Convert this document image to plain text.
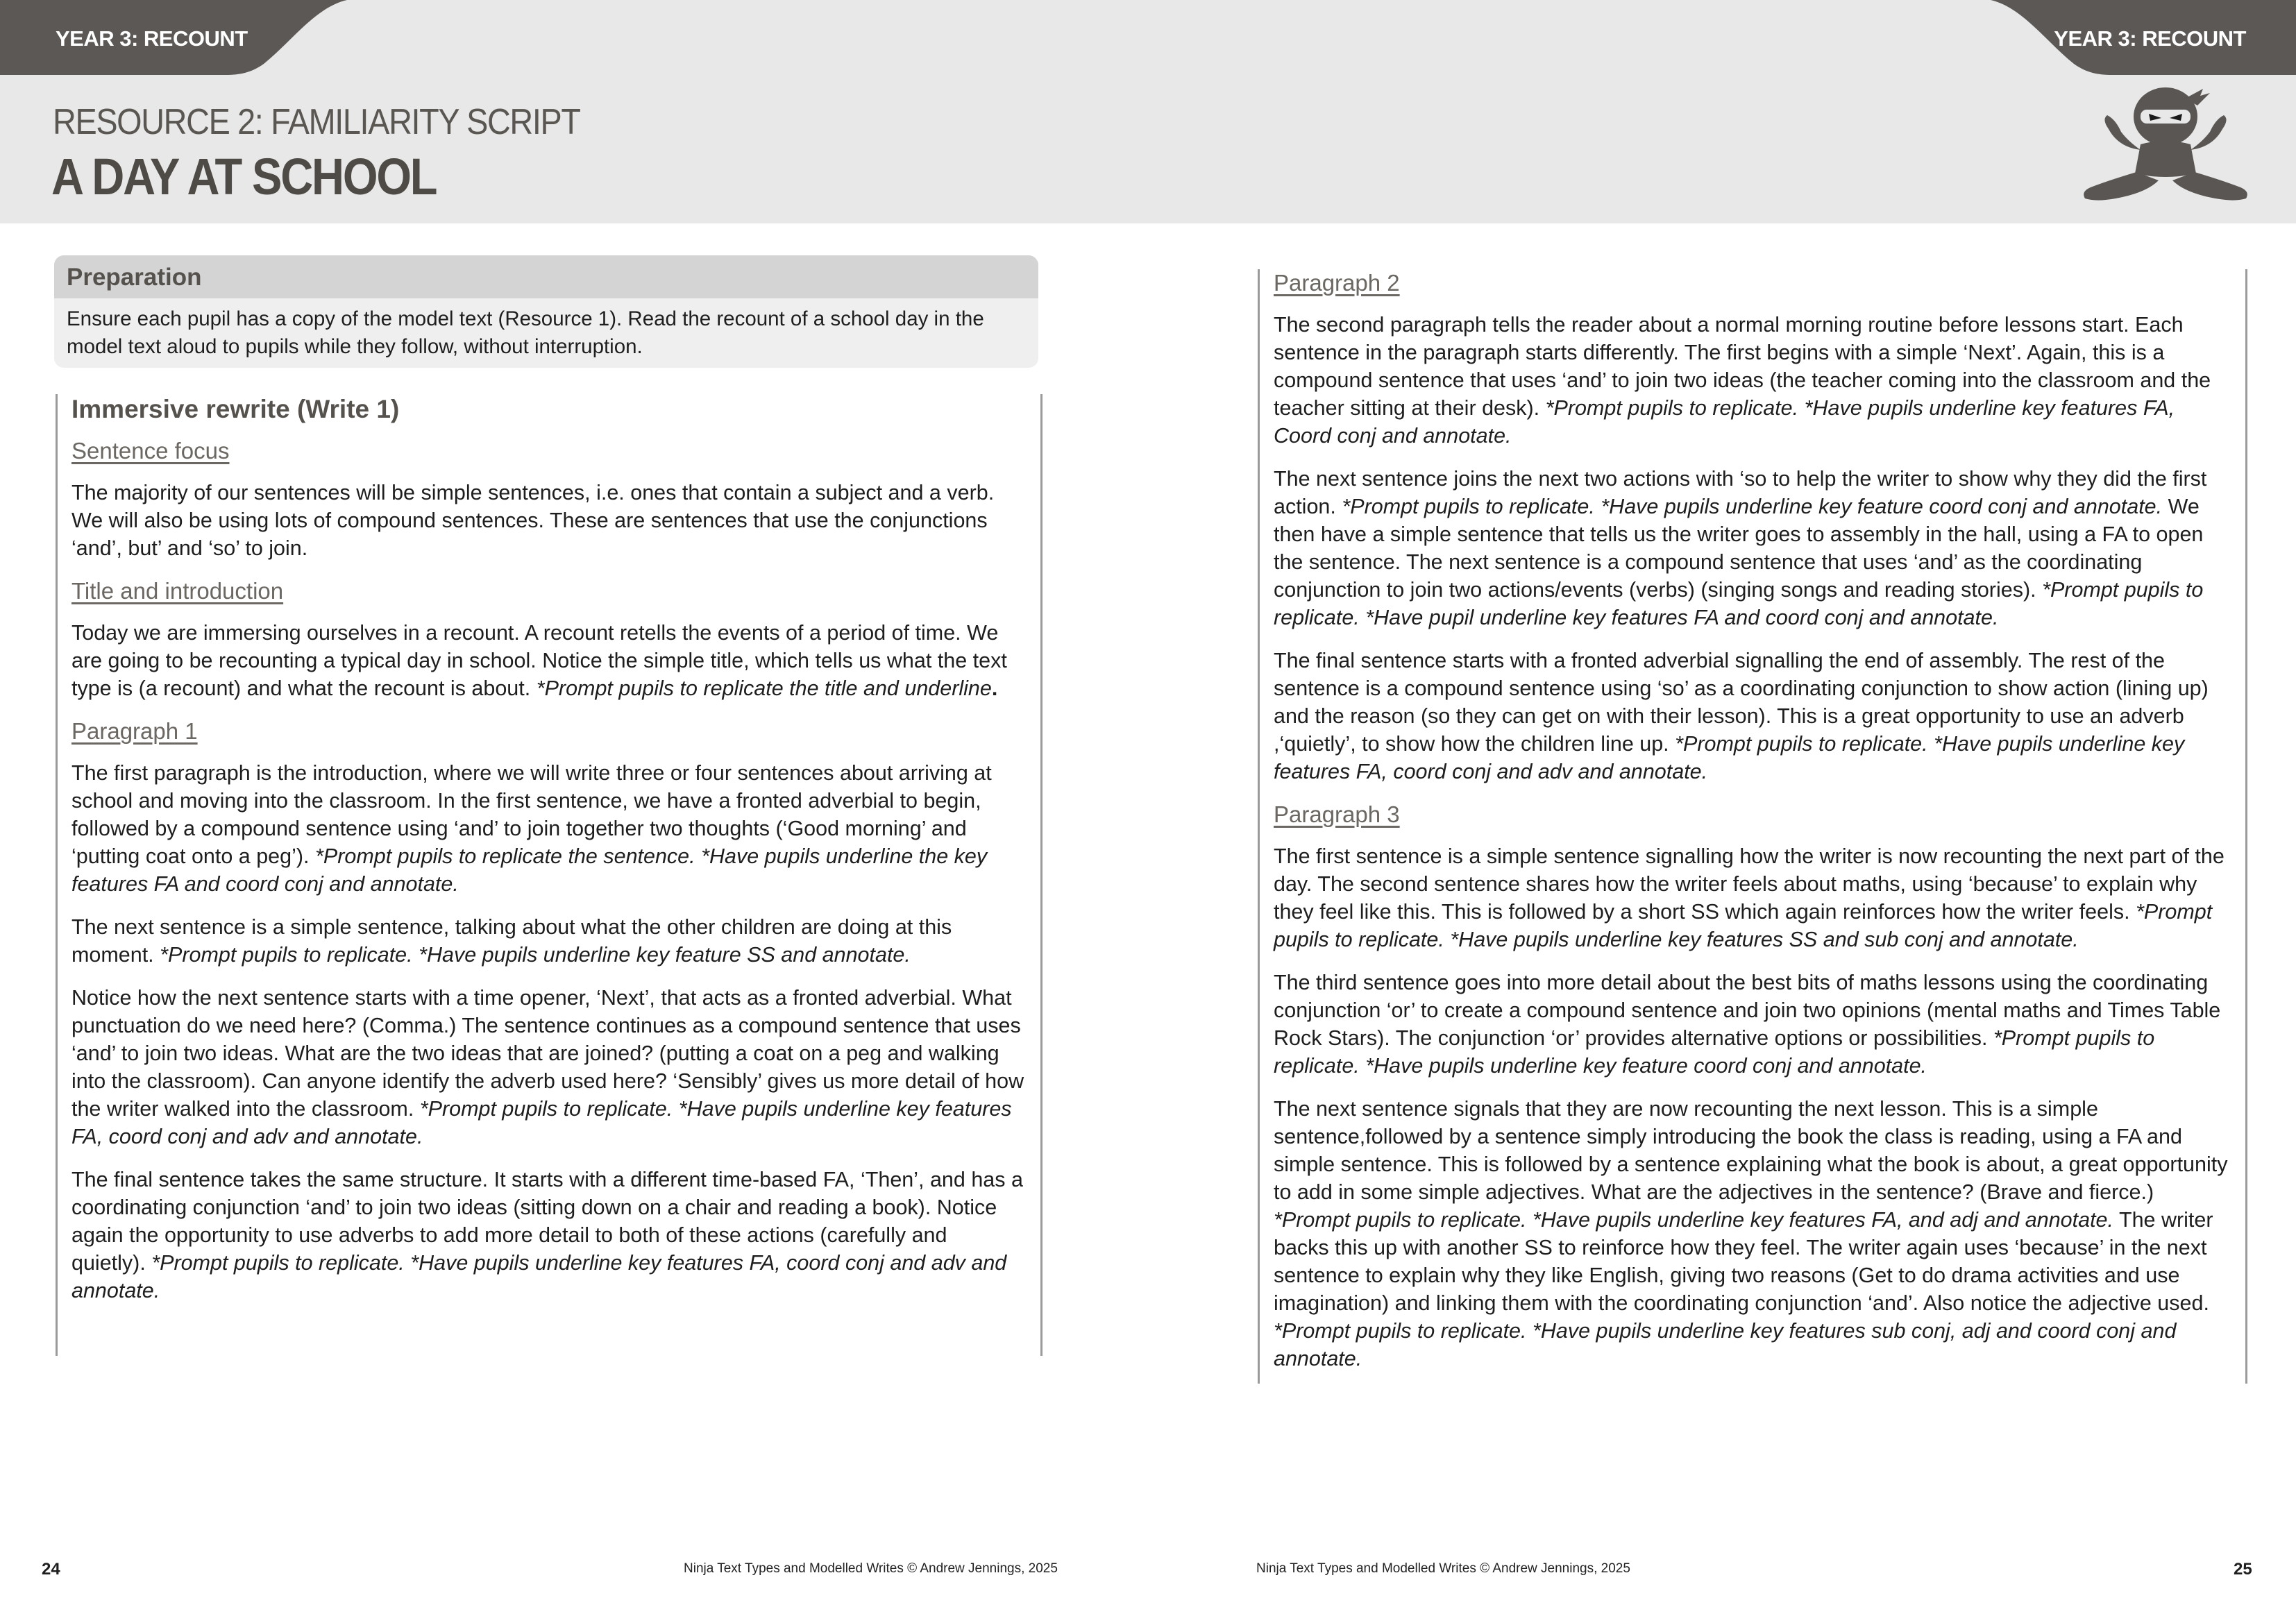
YEAR 3: RECOUNT	YEAR 3: RECOUNT
RESOURCE 2: FAMILIARITY SCRIPT
A DAY AT SCHOOL
Preparation
Ensure each pupil has a copy of the model text (Resource 1). Read the recount of a school day in the model text aloud to pupils while they follow, without interruption.
Immersive rewrite (Write 1)
Sentence focus

The majority of our sentences will be simple sentences, i.e. ones that contain a subject and a verb. We will also be using lots of compound sentences. These are sentences that use the conjunctions ‘and’, but’ and ‘so’ to join.

Title and introduction

Today we are immersing ourselves in a recount. A recount retells the events of a period of time. We are going to be recounting a typical day in school. Notice the simple title, which tells us what the text type is (a recount) and what the recount is about. *Prompt pupils to replicate the title and underline.

Paragraph 1

The first paragraph is the introduction, where we will write three or four sentences about arriving at school and moving into the classroom. In the first sentence, we have a fronted adverbial to begin, followed by a compound sentence using ‘and’ to join together two thoughts (‘Good morning’ and ‘putting coat onto a peg’). *Prompt pupils to replicate the sentence. *Have pupils underline the key features FA and coord conj and annotate.

The next sentence is a simple sentence, talking about what the other children are doing at this moment. *Prompt pupils to replicate. *Have pupils underline key feature SS and annotate.

Notice how the next sentence starts with a time opener, ‘Next’, that acts as a fronted adverbial. What punctuation do we need here? (Comma.) The sentence continues as a compound sentence that uses ‘and’ to join two ideas. What are the two ideas that are joined? (putting a coat on a peg and walking into the classroom). Can anyone identify the adverb used here? ‘Sensibly’ gives us more detail of how the writer walked into the classroom. *Prompt pupils to replicate. *Have pupils underline key features FA, coord conj and adv and annotate.

The final sentence takes the same structure. It starts with a different time-based FA, ‘Then’, and has a coordinating conjunction ‘and’ to join two ideas (sitting down on a chair and reading a book). Notice again the opportunity to use adverbs to add more detail to both of these actions (carefully and quietly). *Prompt pupils to replicate. *Have pupils underline key features FA, coord conj and adv and annotate.

Paragraph 2

The second paragraph tells the reader about a normal morning routine before lessons start. Each sentence in the paragraph starts differently. The first begins with a simple ‘Next’. Again, this is a compound sentence that uses ‘and’ to join two ideas (the teacher coming into the classroom and the teacher sitting at their desk). *Prompt pupils to replicate. *Have pupils underline key features FA, Coord conj and annotate.

The next sentence joins the next two actions with ‘so to help the writer to show why they did the first action. *Prompt pupils to replicate. *Have pupils underline key feature coord conj and annotate. We then have a simple sentence that tells us the writer goes to assembly in the hall, using a FA to open the sentence. The next sentence is a compound sentence that uses ‘and’ as the coordinating conjunction to join two actions/events (verbs) (singing songs and reading stories). *Prompt pupils to replicate. *Have pupil underline key features FA and coord conj and annotate.

The final sentence starts with a fronted adverbial signalling the end of assembly. The rest of the sentence is a compound sentence using ‘so’ as a coordinating conjunction to show action (lining up) and the reason (so they can get on with their lesson). This is a great opportunity to use an adverb ,‘quietly’, to show how the children line up. *Prompt pupils to replicate. *Have pupils underline key features FA, coord conj and adv and annotate.

Paragraph 3

The first sentence is a simple sentence signalling how the writer is now recounting the next part of the day. The second sentence shares how the writer feels about maths, using ‘because’ to explain why they feel like this. This is followed by a short SS which again reinforces how the writer feels. *Prompt pupils to replicate. *Have pupils underline key features SS and sub conj and annotate.

The third sentence goes into more detail about the best bits of maths lessons using the coordinating conjunction ‘or’ to create a compound sentence and join two opinions (mental maths and Times Table Rock Stars). The conjunction ‘or’ provides alternative options or possibilities. *Prompt pupils to replicate. *Have pupils underline key feature coord conj and annotate.

The next sentence signals that they are now recounting the next lesson. This is a simple sentence,followed by a sentence simply introducing the book the class is reading, using a FA and simple sentence. This is followed by a sentence explaining what the book is about, a great opportunity to add in some simple adjectives. What are the adjectives in the sentence? (Brave and fierce.) *Prompt pupils to replicate. *Have pupils underline key features FA, and adj and annotate. The writer backs this up with another SS to reinforce how they feel. The writer again uses ‘because’ in the next sentence to explain why they like English, giving two reasons (Get to do drama activities and use imagination) and linking them with the coordinating conjunction ‘and’. Also notice the adjective used. *Prompt pupils to replicate. *Have pupils underline key features sub conj, adj and coord conj and annotate.

24	Ninja Text Types and Modelled Writes © Andrew Jennings, 2025	Ninja Text Types and Modelled Writes © Andrew Jennings, 2025	25
